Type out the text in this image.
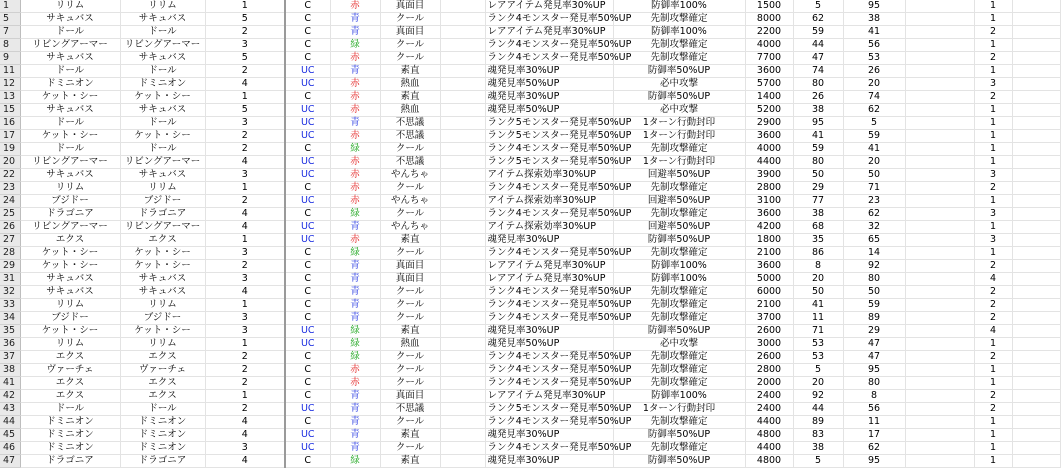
1	リリム	リリム	1	C	赤	真面目		レアアイテム発見率30%UP	防御率100%	1500	5	95		1	
5	サキュバス	サキュバス	5	C	青	クール		ランク4モンスター発見率50%UP	先制攻撃確定	8000	62	38		1	
7	ドール	ドール	2	C	青	真面目		レアアイテム発見率30%UP	防御率100%	2200	59	41		2	
8	リビングアーマー	リビングアーマー	3	C	緑	クール		ランク4モンスター発見率50%UP	先制攻撃確定	4000	44	56		1	
9	サキュバス	サキュバス	5	C	赤	クール		ランク4モンスター発見率50%UP	先制攻撃確定	7700	47	53		2	
11	ドール	ドール	2	UC	青	素直		魂発見率30%UP	防御率50%UP	3600	74	26		1	
12	ドミニオン	ドミニオン	4	UC	赤	熱血		魂発見率50%UP	必中攻撃	5700	80	20		3	
13	ケット・シー	ケット・シー	1	C	赤	素直		魂発見率30%UP	防御率50%UP	1400	26	74		2	
15	サキュバス	サキュバス	5	UC	赤	熱血		魂発見率50%UP	必中攻撃	5200	38	62		1	
16	ドール	ドール	3	UC	青	不思議		ランク5モンスター発見率50%UP	1ターン行動封印	2900	95	5		1	
17	ケット・シー	ケット・シー	2	UC	赤	不思議		ランク5モンスター発見率50%UP	1ターン行動封印	3600	41	59		1	
19	ドール	ドール	2	C	緑	クール		ランク4モンスター発見率50%UP	先制攻撃確定	4000	59	41		1	
20	リビングアーマー	リビングアーマー	4	UC	赤	不思議		ランク5モンスター発見率50%UP	1ターン行動封印	4400	80	20		1	
22	サキュバス	サキュバス	3	UC	赤	やんちゃ		アイテム探索効率30%UP	回避率50%UP	3900	50	50		3	
23	リリム	リリム	1	C	赤	クール		ランク4モンスター発見率50%UP	先制攻撃確定	2800	29	71		2	
24	ブジドー	ブジドー	2	UC	赤	やんちゃ		アイテム探索効率30%UP	回避率50%UP	3100	77	23		1	
25	ドラゴニア	ドラゴニア	4	C	緑	クール		ランク4モンスター発見率50%UP	先制攻撃確定	3600	38	62		3	
26	リビングアーマー	リビングアーマー	4	UC	青	やんちゃ		アイテム探索効率30%UP	回避率50%UP	4200	68	32		1	
27	エクス	エクス	1	UC	赤	素直		魂発見率30%UP	防御率50%UP	1800	35	65		3	
28	ケット・シー	ケット・シー	3	C	緑	クール		ランク4モンスター発見率50%UP	先制攻撃確定	2100	86	14		1	
29	ケット・シー	ケット・シー	2	C	青	真面目		レアアイテム発見率30%UP	防御率100%	3600	8	92		2	
31	サキュバス	サキュバス	3	C	青	真面目		レアアイテム発見率30%UP	防御率100%	5000	20	80		4	
32	サキュバス	サキュバス	4	C	青	クール		ランク4モンスター発見率50%UP	先制攻撃確定	6000	50	50		2	
33	リリム	リリム	1	C	青	クール		ランク4モンスター発見率50%UP	先制攻撃確定	2100	41	59		2	
34	ブジドー	ブジドー	3	C	青	クール		ランク4モンスター発見率50%UP	先制攻撃確定	3700	11	89		2	
35	ケット・シー	ケット・シー	3	UC	緑	素直		魂発見率30%UP	防御率50%UP	2600	71	29		4	
36	リリム	リリム	1	UC	緑	熱血		魂発見率50%UP	必中攻撃	3000	53	47		1	
37	エクス	エクス	2	C	緑	クール		ランク4モンスター発見率50%UP	先制攻撃確定	2600	53	47		2	
38	ヴァーチェ	ヴァーチェ	2	C	赤	クール		ランク4モンスター発見率50%UP	先制攻撃確定	2800	5	95		1	
41	エクス	エクス	2	C	赤	クール		ランク4モンスター発見率50%UP	先制攻撃確定	2000	20	80		1	
42	エクス	エクス	1	C	青	真面目		レアアイテム発見率30%UP	防御率100%	2400	92	8		2	
43	ドール	ドール	2	UC	青	不思議		ランク5モンスター発見率50%UP	1ターン行動封印	2400	44	56		2	
44	ドミニオン	ドミニオン	4	C	青	クール		ランク4モンスター発見率50%UP	先制攻撃確定	4400	89	11		1	
45	ドミニオン	ドミニオン	4	UC	青	素直		魂発見率30%UP	防御率50%UP	4800	83	17		1	
46	ドミニオン	ドミニオン	3	UC	青	クール		ランク4モンスター発見率50%UP	先制攻撃確定	4400	38	62		1	
47	ドラゴニア	ドラゴニア	4	C	緑	素直		魂発見率30%UP	防御率50%UP	4800	5	95		1	
